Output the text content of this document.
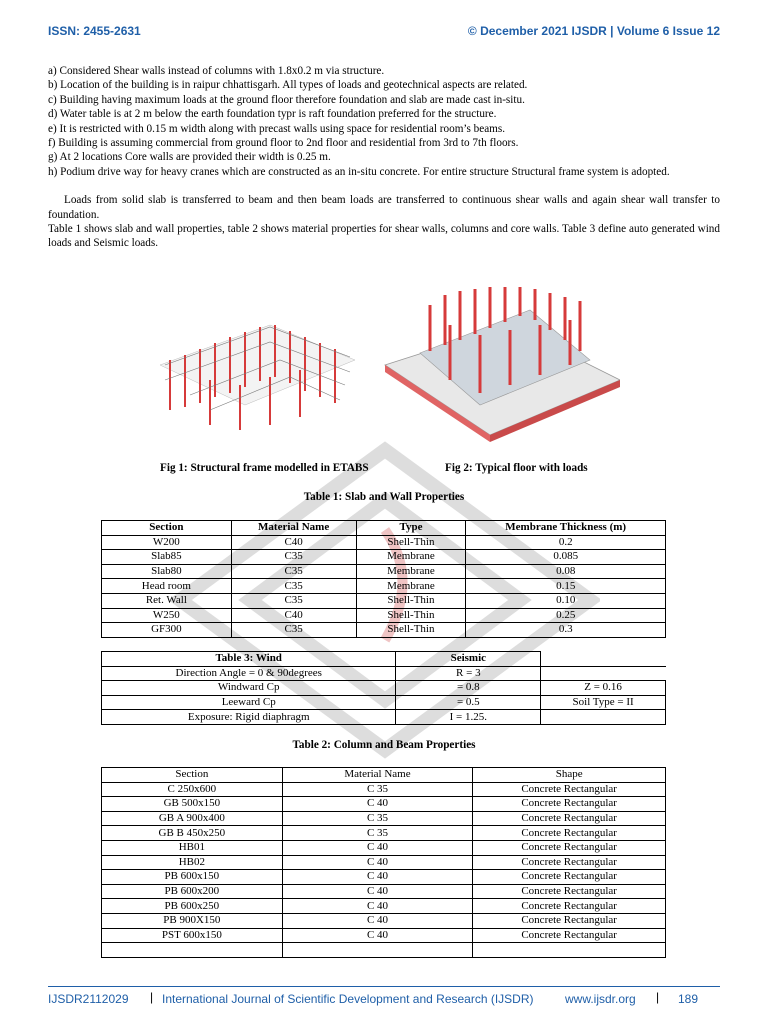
ISSN: 2455-2631	© December 2021 IJSDR | Volume 6 Issue 12

a) Considered Shear walls instead of columns with 1.8x0.2 m via structure.

b) Location of the building is in raipur chhattisgarh. All types of loads and geotechnical aspects are related.

c) Building having maximum loads at the ground floor therefore foundation and slab are made cast in-situ.

d) Water table is at 2 m below the earth foundation typr is raft foundation preferred for the structure.

e) It is restricted with 0.15 m width along with precast walls using space for residential room’s beams.

f) Building is assuming commercial from ground floor to 2nd floor and residential from 3rd to 7th floors.

g) At 2 locations Core walls are provided their width is 0.25 m.

h) Podium drive way for heavy cranes which are constructed as an in-situ concrete. For entire structure Structural frame system is adopted.

Loads from solid slab is transferred to beam and then beam loads are transferred to continuous shear walls and again shear wall transfer to foundation.

Table 1 shows slab and wall properties, table 2 shows material properties for shear walls, columns and core walls. Table 3 define auto generated wind loads and Seismic loads.

Fig 1: Structural frame modelled in ETABS	Fig 2: Typical floor with loads
Table 1: Slab and Wall Properties
Section	Material Name	Type	Membrane Thickness (m)
W200	C40	Shell-Thin	0.2
Slab85	C35	Membrane	0.085
Slab80	C35	Membrane	0.08
Head room	C35	Membrane	0.15
Ret. Wall	C35	Shell-Thin	0.10
W250	C40	Shell-Thin	0.25
GF300	C35	Shell-Thin	0.3
Table 3: Wind	Seismic	
Direction Angle = 0 & 90degrees	R = 3	
Windward Cp	= 0.8	Z = 0.16
Leeward Cp	= 0.5	Soil Type = II
Exposure: Rigid diaphragm	I = 1.25.	
Table 2: Column and Beam Properties
Section	Material Name	Shape
C 250x600	C 35	Concrete Rectangular
GB 500x150	C 40	Concrete Rectangular
GB A 900x400	C 35	Concrete Rectangular
GB B 450x250	C 35	Concrete Rectangular
HB01	C 40	Concrete Rectangular
HB02	C 40	Concrete Rectangular
PB 600x150	C 40	Concrete Rectangular
PB 600x200	C 40	Concrete Rectangular
PB 600x250	C 40	Concrete Rectangular
PB 900X150	C 40	Concrete Rectangular
PST 600x150	C 40	Concrete Rectangular

IJSDR2112029 | International Journal of Scientific Development and Research (IJSDR)	www.ijsdr.org | 189
